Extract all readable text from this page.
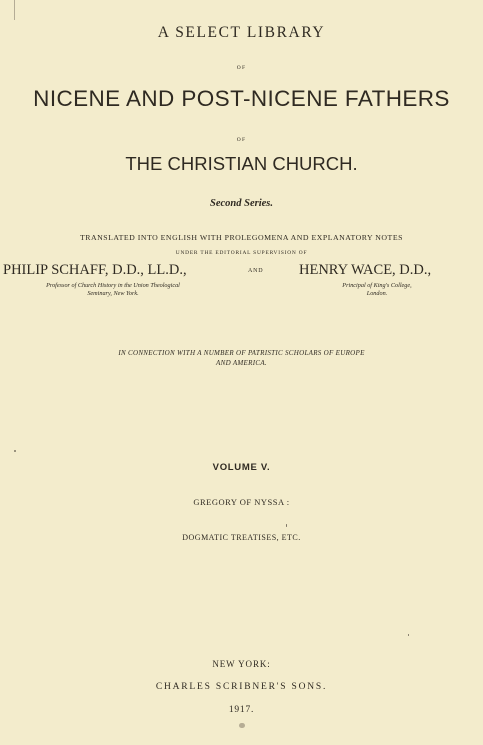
A SELECT LIBRARY
OF
NICENE AND POST-NICENE FATHERS
OF
THE CHRISTIAN CHURCH.
Second Series.
TRANSLATED INTO ENGLISH WITH PROLEGOMENA AND EXPLANATORY NOTES
UNDER THE EDITORIAL SUPERVISION OF
PHILIP SCHAFF, D.D., LL.D.,
Professor of Church History in the Union Theological
Seminary, New York.
AND	HENRY WACE, D.D.,
Principal of King's College,
London.
IN CONNECTION WITH A NUMBER OF PATRISTIC SCHOLARS OF EUROPE
AND AMERICA.
VOLUME V.
GREGORY OF NYSSA :
DOGMATIC TREATISES, ETC.
NEW YORK:
CHARLES SCRIBNER'S SONS.
1917.
